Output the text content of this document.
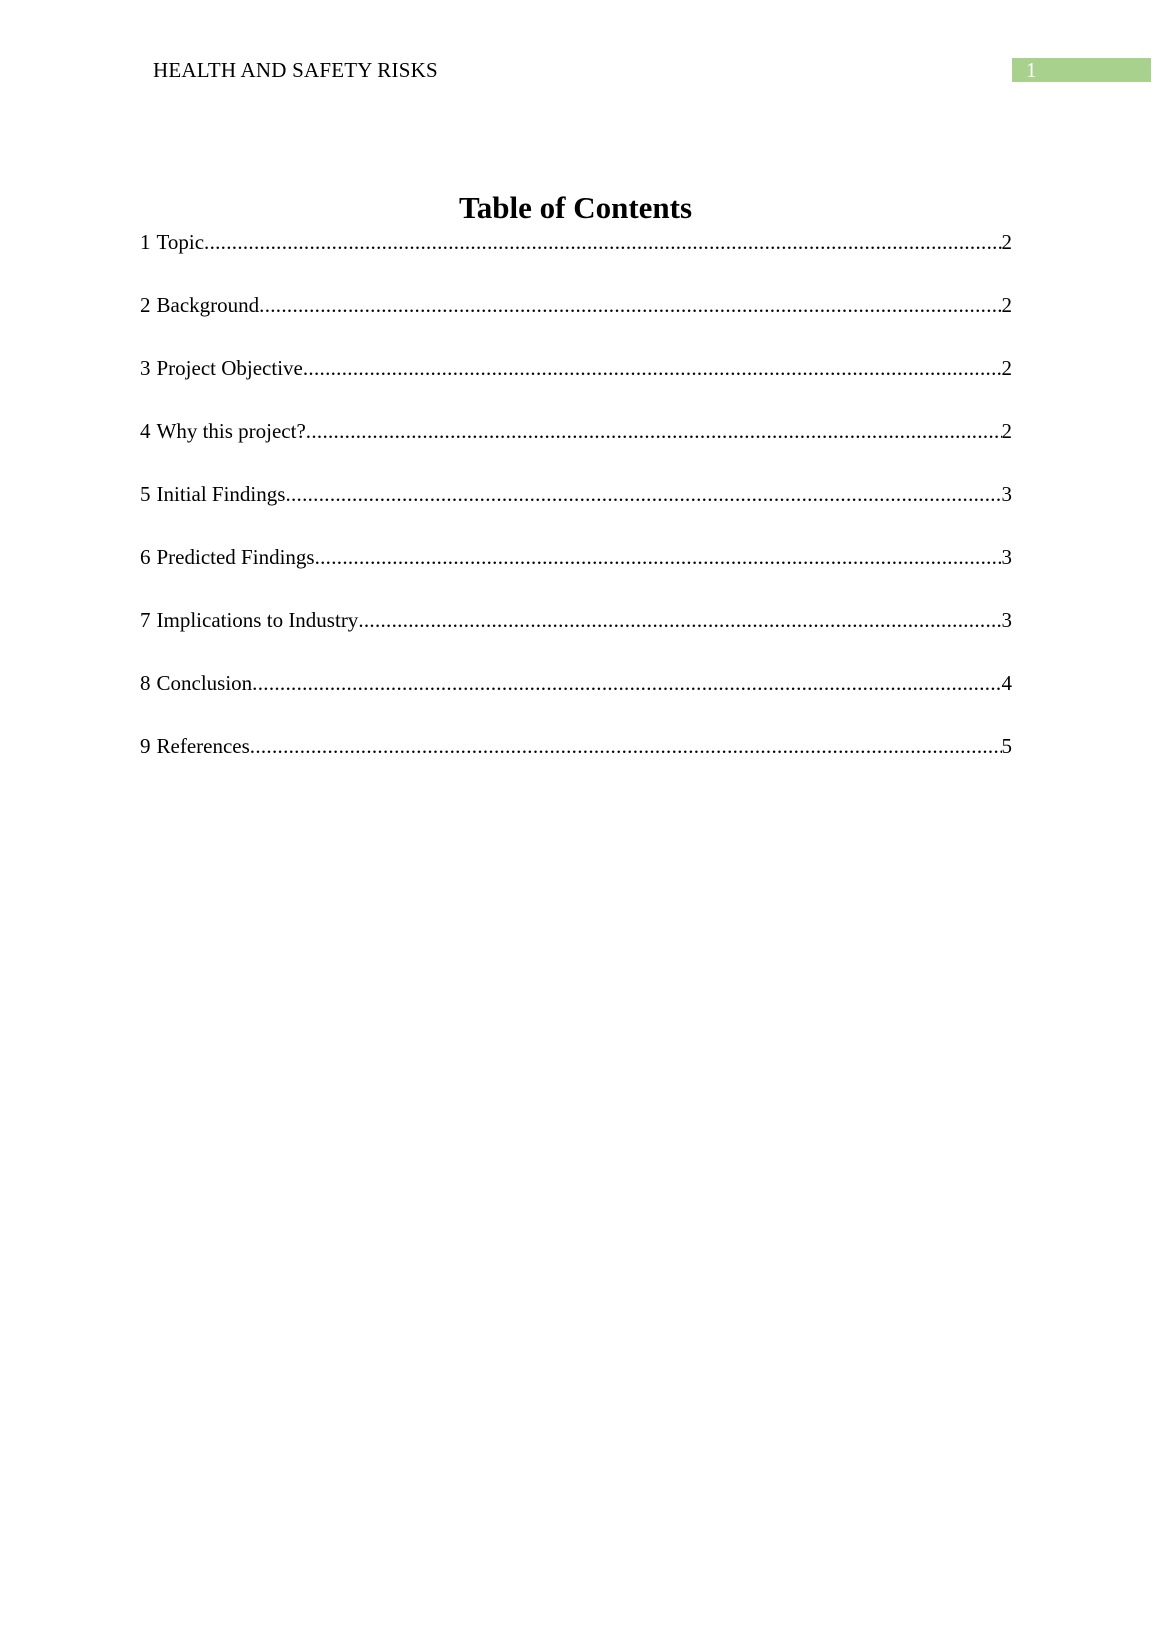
HEALTH AND SAFETY RISKS	1
Table of Contents
1 Topic .....	2
2 Background .....	2
3 Project Objective .....	2
4 Why this project? .....	2
5 Initial Findings .....	3
6 Predicted Findings .....	3
7 Implications to Industry .....	3
8 Conclusion .....	4
9 References .....	5
